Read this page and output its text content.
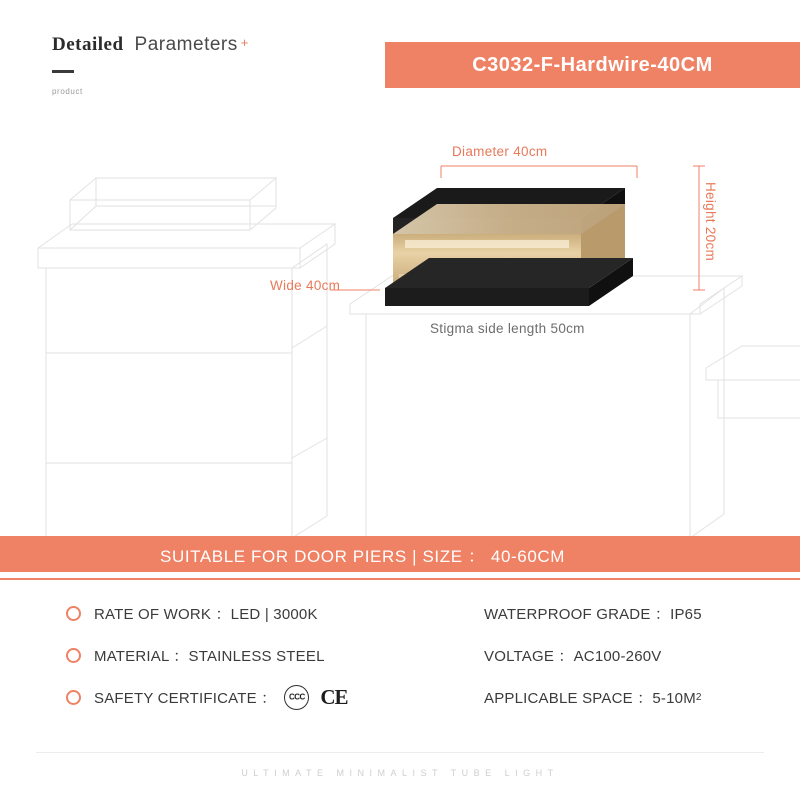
Detailed Parameters +
product
C3032-F-Hardwire-40CM
Diameter 40cm
Wide 40cm
Height 20cm
Stigma side length 50cm
SUITABLE FOR DOOR PIERS | SIZE ： 40-60CM
RATE OF WORK ：LED | 3000K
MATERIAL ：STAINLESS STEEL
SAFETY CERTIFICATE ： CCC CE
WATERPROOF GRADE ：IP65
VOLTAGE ：AC100-260V
APPLICABLE SPACE ：5-10M 2
ULTIMATE MINIMALIST TUBE LIGHT
